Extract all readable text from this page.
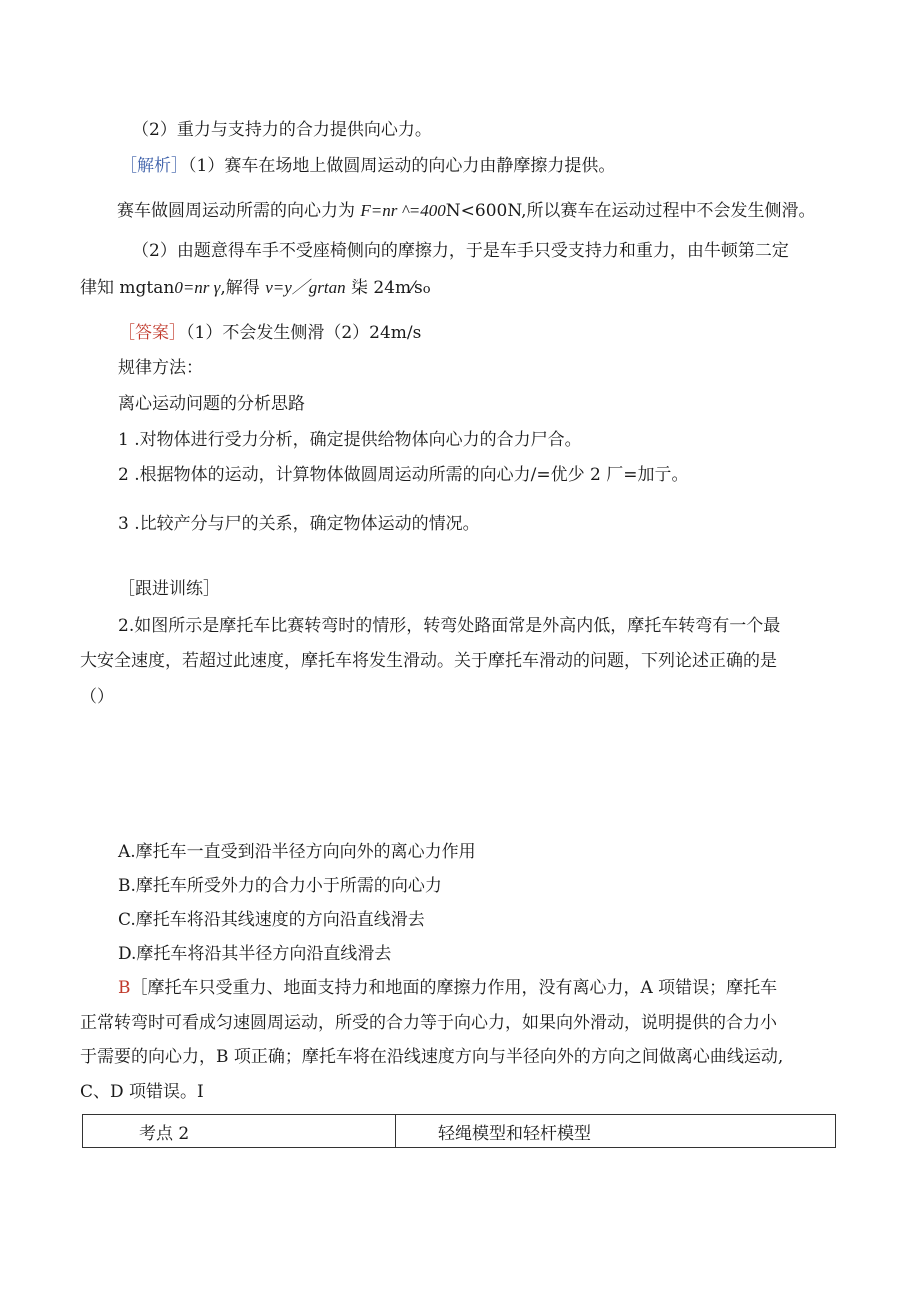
（2）重力与支持力的合力提供向心力。
［解析］（1）赛车在场地上做圆周运动的向心力由静摩擦力提供。
赛车做圆周运动所需的向心力为 F=nr ^=400N<600N,所以赛车在运动过程中不会发生侧滑。
（2）由题意得车手不受座椅侧向的摩擦力，于是车手只受支持力和重力，由牛顿第二定
律知 mgtan0=nr γ,解得 v=y／grtan 柒 24m⁄so
［答案］（1）不会发生侧滑（2）24m/s
规律方法：
离心运动问题的分析思路
1 .对物体进行受力分析，确定提供给物体向心力的合力尸合。
2 .根据物体的运动，计算物体做圆周运动所需的向心力/=优少 2 厂=加亍。
3 .比较产分与尸的关系，确定物体运动的情况。
［跟进训练］
2.如图所示是摩托车比赛转弯时的情形，转弯处路面常是外高内低，摩托车转弯有一个最
大安全速度，若超过此速度，摩托车将发生滑动。关于摩托车滑动的问题，下列论述正确的是
（）
A.摩托车一直受到沿半径方向向外的离心力作用
B.摩托车所受外力的合力小于所需的向心力
C.摩托车将沿其线速度的方向沿直线滑去
D.摩托车将沿其半径方向沿直线滑去
B［摩托车只受重力、地面支持力和地面的摩擦力作用，没有离心力，A 项错误；摩托车
正常转弯时可看成匀速圆周运动，所受的合力等于向心力，如果向外滑动，说明提供的合力小
于需要的向心力，B 项正确；摩托车将在沿线速度方向与半径向外的方向之间做离心曲线运动,
C、D 项错误。I
考点 2	轻绳模型和轻杆模型
